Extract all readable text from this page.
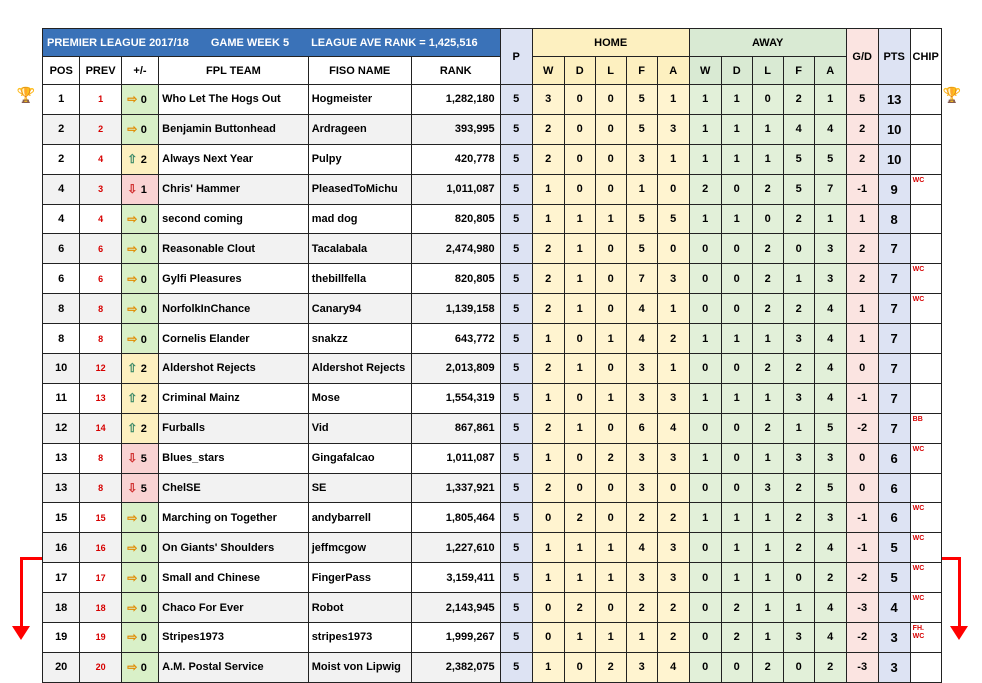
🏆	🏆
PREMIER LEAGUE 2017/18 GAME WEEK 5 LEAGUE AVE RANK = 1,425,516						P	HOME					AWAY					G/D	PTS	CHIP
POS	PREV	+/-	FPL TEAM	FISO NAME	RANK		W	D	L	F	A	W	D	L	F	A			
1	1	⇨ 0	Who Let The Hogs Out	Hogmeister	1,282,180	5	3	0	0	5	1	1	1	0	2	1	5	13	
2	2	⇨ 0	Benjamin Buttonhead	Ardrageen	393,995	5	2	0	0	5	3	1	1	1	4	4	2	10	
2	4	⇧ 2	Always Next Year	Pulpy	420,778	5	2	0	0	3	1	1	1	1	5	5	2	10	
4	3	⇩ 1	Chris' Hammer	PleasedToMichu	1,011,087	5	1	0	0	1	0	2	0	2	5	7	-1	9	WC
4	4	⇨ 0	second coming	mad dog	820,805	5	1	1	1	5	5	1	1	0	2	1	1	8	
6	6	⇨ 0	Reasonable Clout	Tacalabala	2,474,980	5	2	1	0	5	0	0	0	2	0	3	2	7	
6	6	⇨ 0	Gylfi Pleasures	thebillfella	820,805	5	2	1	0	7	3	0	0	2	1	3	2	7	WC
8	8	⇨ 0	NorfolkInChance	Canary94	1,139,158	5	2	1	0	4	1	0	0	2	2	4	1	7	WC
8	8	⇨ 0	Cornelis Elander	snakzz	643,772	5	1	0	1	4	2	1	1	1	3	4	1	7	
10	12	⇧ 2	Aldershot Rejects	Aldershot Rejects	2,013,809	5	2	1	0	3	1	0	0	2	2	4	0	7	
11	13	⇧ 2	Criminal Mainz	Mose	1,554,319	5	1	0	1	3	3	1	1	1	3	4	-1	7	
12	14	⇧ 2	Furballs	Vid	867,861	5	2	1	0	6	4	0	0	2	1	5	-2	7	BB
13	8	⇩ 5	Blues_stars	Gingafalcao	1,011,087	5	1	0	2	3	3	1	0	1	3	3	0	6	WC
13	8	⇩ 5	ChelSE	SE	1,337,921	5	2	0	0	3	0	0	0	3	2	5	0	6	
15	15	⇨ 0	Marching on Together	andybarrell	1,805,464	5	0	2	0	2	2	1	1	1	2	3	-1	6	WC
16	16	⇨ 0	On Giants' Shoulders	jeffmcgow	1,227,610	5	1	1	1	4	3	0	1	1	2	4	-1	5	WC
17	17	⇨ 0	Small and Chinese	FingerPass	3,159,411	5	1	1	1	3	3	0	1	1	0	2	-2	5	WC
18	18	⇨ 0	Chaco For Ever	Robot	2,143,945	5	0	2	0	2	2	0	2	1	1	4	-3	4	WC
19	19	⇨ 0	Stripes1973	stripes1973	1,999,267	5	0	1	1	1	2	0	2	1	3	4	-2	3	FH.
WC
20	20	⇨ 0	A.M. Postal Service	Moist von Lipwig	2,382,075	5	1	0	2	3	4	0	0	2	0	2	-3	3	
